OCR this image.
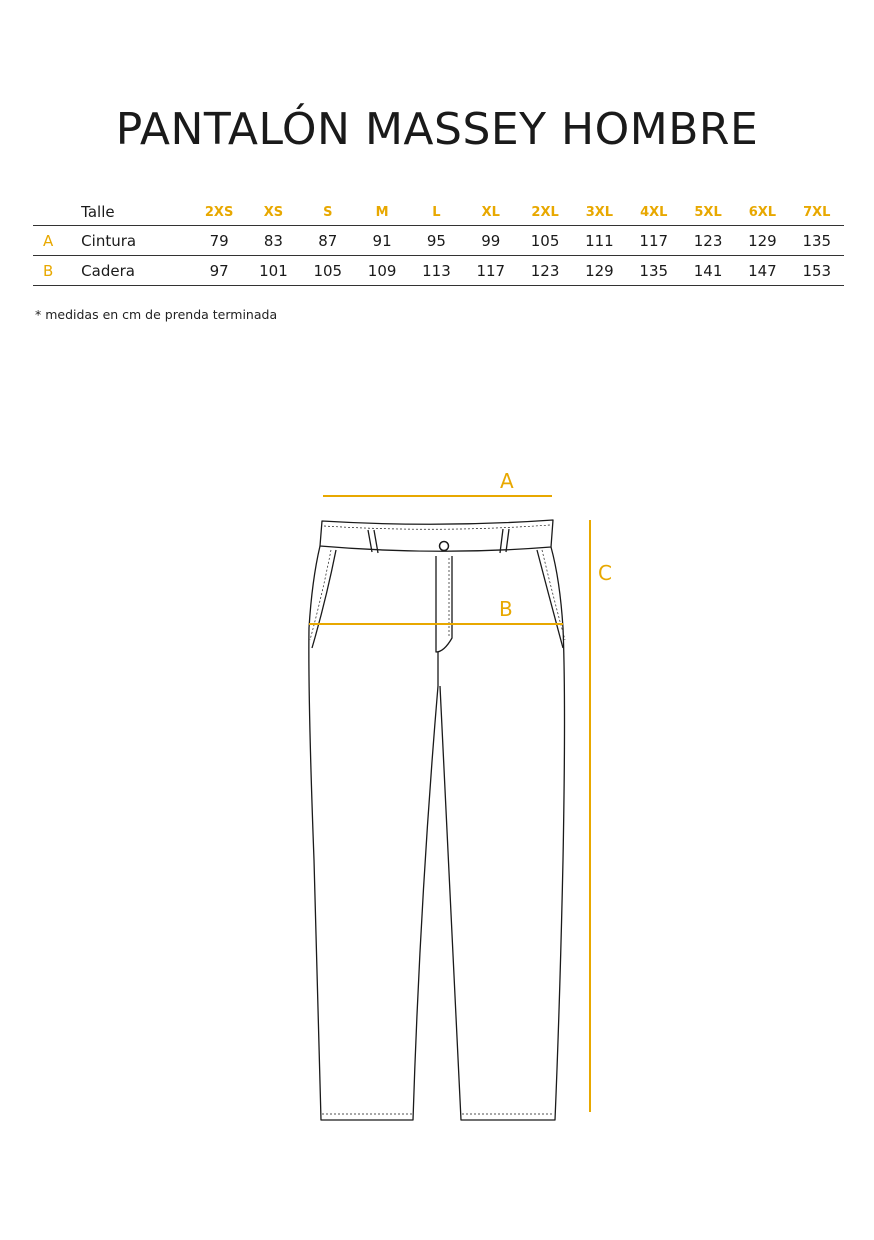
PANTALÓN MASSEY HOMBRE
	Talle	2XS	XS	S	M	L	XL	2XL	3XL	4XL	5XL	6XL	7XL
A	Cintura	79	83	87	91	95	99	105	111	117	123	129	135
B	Cadera	97	101	105	109	113	117	123	129	135	141	147	153
* medidas en cm de prenda terminada
A
B
C
